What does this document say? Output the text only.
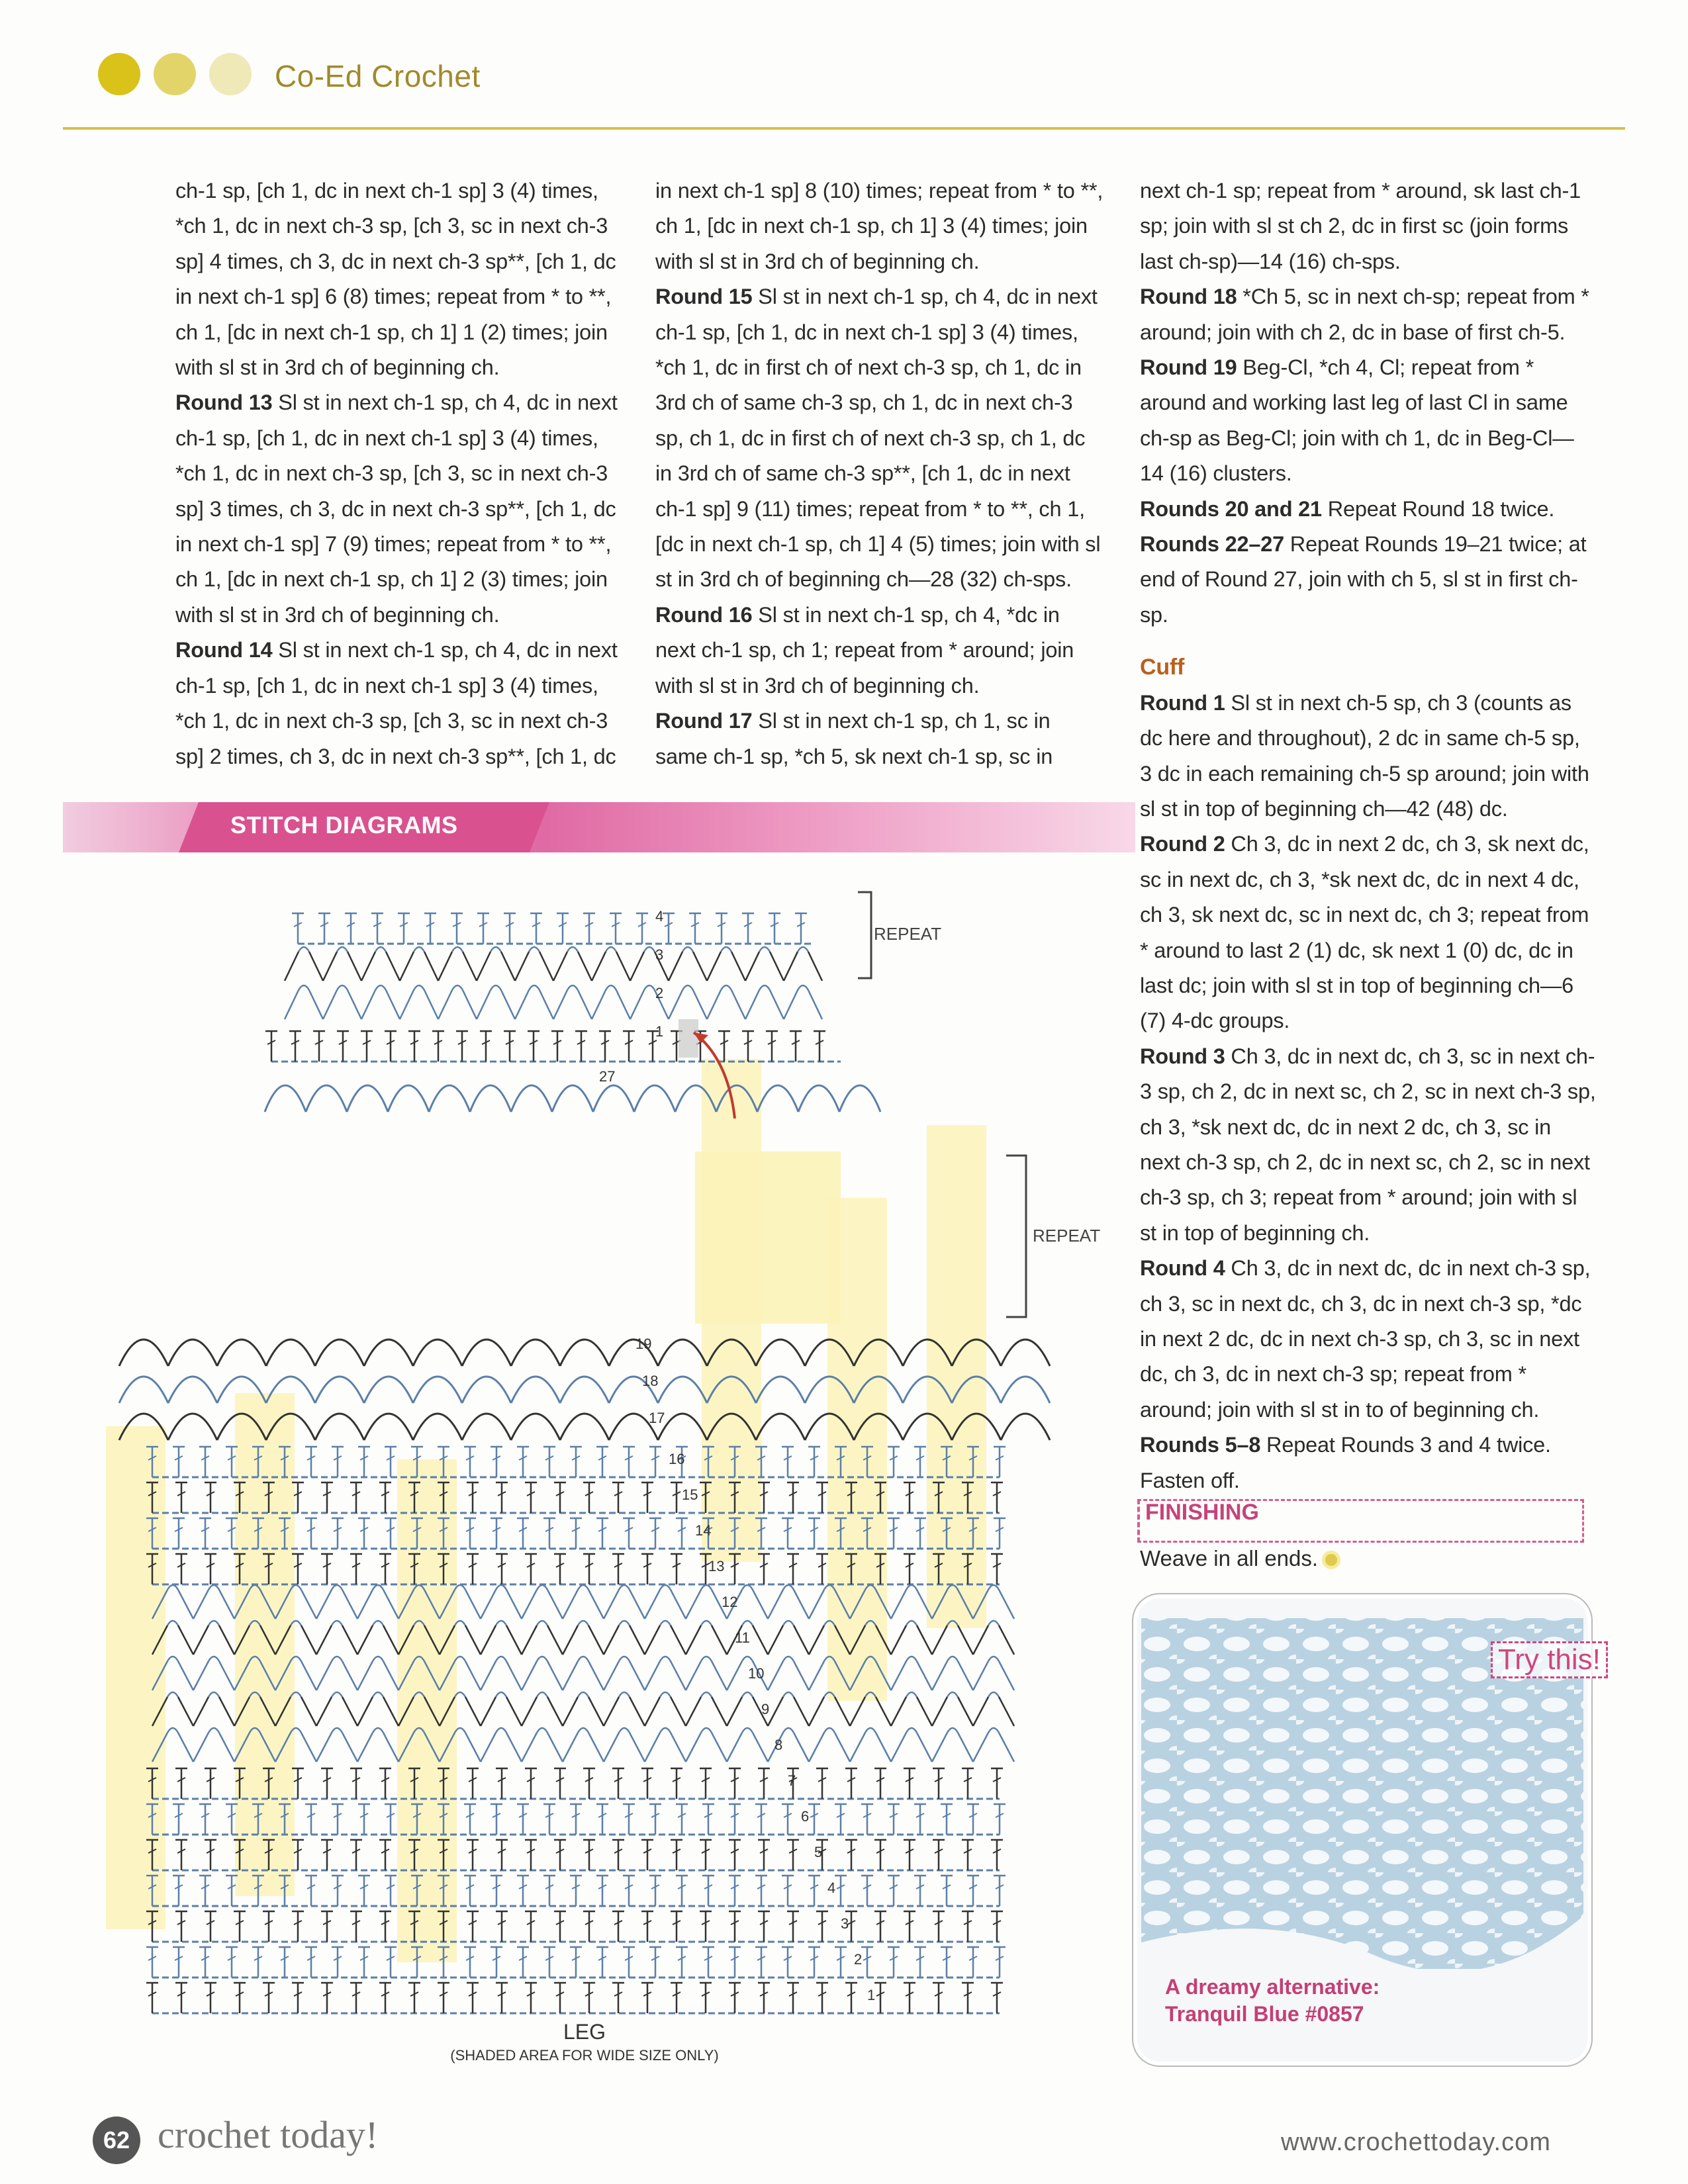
Co-Ed Crochet

ch-1 sp, [ch 1, dc in next ch-1 sp] 3 (4) times, *ch 1, dc in next ch-3 sp, [ch 3, sc in next ch-3 sp] 4 times, ch 3, dc in next ch-3 sp**, [ch 1, dc in next ch-1 sp] 6 (8) times; repeat from * to **, ch 1, [dc in next ch-1 sp, ch 1] 1 (2) times; join with sl st in 3rd ch of beginning ch.

Round 13 Sl st in next ch-1 sp, ch 4, dc in next ch-1 sp, [ch 1, dc in next ch-1 sp] 3 (4) times, *ch 1, dc in next ch-3 sp, [ch 3, sc in next ch-3 sp] 3 times, ch 3, dc in next ch-3 sp**, [ch 1, dc in next ch-1 sp] 7 (9) times; repeat from * to **, ch 1, [dc in next ch-1 sp, ch 1] 2 (3) times; join with sl st in 3rd ch of beginning ch.

Round 14 Sl st in next ch-1 sp, ch 4, dc in next ch-1 sp, [ch 1, dc in next ch-1 sp] 3 (4) times, *ch 1, dc in next ch-3 sp, [ch 3, sc in next ch-3 sp] 2 times, ch 3, dc in next ch-3 sp**, [ch 1, dc

in next ch-1 sp] 8 (10) times; repeat from * to **, ch 1, [dc in next ch-1 sp, ch 1] 3 (4) times; join with sl st in 3rd ch of beginning ch.

Round 15 Sl st in next ch-1 sp, ch 4, dc in next ch-1 sp, [ch 1, dc in next ch-1 sp] 3 (4) times, *ch 1, dc in first ch of next ch-3 sp, ch 1, dc in 3rd ch of same ch-3 sp, ch 1, dc in next ch-3 sp, ch 1, dc in first ch of next ch-3 sp, ch 1, dc in 3rd ch of same ch-3 sp**, [ch 1, dc in next ch-1 sp] 9 (11) times; repeat from * to **, ch 1, [dc in next ch-1 sp, ch 1] 4 (5) times; join with sl st in 3rd ch of beginning ch—28 (32) ch-sps.

Round 16 Sl st in next ch-1 sp, ch 4, *dc in next ch-1 sp, ch 1; repeat from * around; join with sl st in 3rd ch of beginning ch.

Round 17 Sl st in next ch-1 sp, ch 1, sc in same ch-1 sp, *ch 5, sk next ch-1 sp, sc in

next ch-1 sp; repeat from * around, sk last ch-1 sp; join with sl st ch 2, dc in first sc (join forms last ch-sp)—14 (16) ch-sps.

Round 18 *Ch 5, sc in next ch-sp; repeat from * around; join with ch 2, dc in base of first ch-5.

Round 19 Beg-Cl, *ch 4, Cl; repeat from * around and working last leg of last Cl in same ch-sp as Beg-Cl; join with ch 1, dc in Beg-Cl—14 (16) clusters.

Rounds 20 and 21 Repeat Round 18 twice.

Rounds 22–27 Repeat Rounds 19–21 twice; at end of Round 27, join with ch 5, sl st in first ch-sp.

Cuff

Round 1 Sl st in next ch-5 sp, ch 3 (counts as dc here and throughout), 2 dc in same ch-5 sp, 3 dc in each remaining ch-5 sp around; join with sl st in top of beginning ch—42 (48) dc.

Round 2 Ch 3, dc in next 2 dc, ch 3, sk next dc, sc in next dc, ch 3, *sk next dc, dc in next 4 dc, ch 3, sk next dc, sc in next dc, ch 3; repeat from * around to last 2 (1) dc, sk next 1 (0) dc, dc in last dc; join with sl st in top of beginning ch—6 (7) 4-dc groups.

Round 3 Ch 3, dc in next dc, ch 3, sc in next ch-3 sp, ch 2, dc in next sc, ch 2, sc in next ch-3 sp, ch 3, *sk next dc, dc in next 2 dc, ch 3, sc in next ch-3 sp, ch 2, dc in next sc, ch 2, sc in next ch-3 sp, ch 3; repeat from * around; join with sl st in top of beginning ch.

Round 4 Ch 3, dc in next dc, dc in next ch-3 sp, ch 3, sc in next dc, ch 3, dc in next ch-3 sp, *dc in next 2 dc, dc in next ch-3 sp, ch 3, sc in next dc, ch 3, dc in next ch-3 sp; repeat from * around; join with sl st in to of beginning ch.

Rounds 5–8 Repeat Rounds 3 and 4 twice. Fasten off.

STITCH DIAGRAMS
4
3
2
1
19
18
17
16
15
14
13
12
11
10
9
8
7
6
5
4
3
2
1
REPEAT
REPEAT
LEG
(SHADED AREA FOR WIDE SIZE ONLY)
27
FINISHING
Weave in all ends.
Try this!
A dreamy alternative:
Tranquil Blue #0857
62 crochet today!	www.crochettoday.com
